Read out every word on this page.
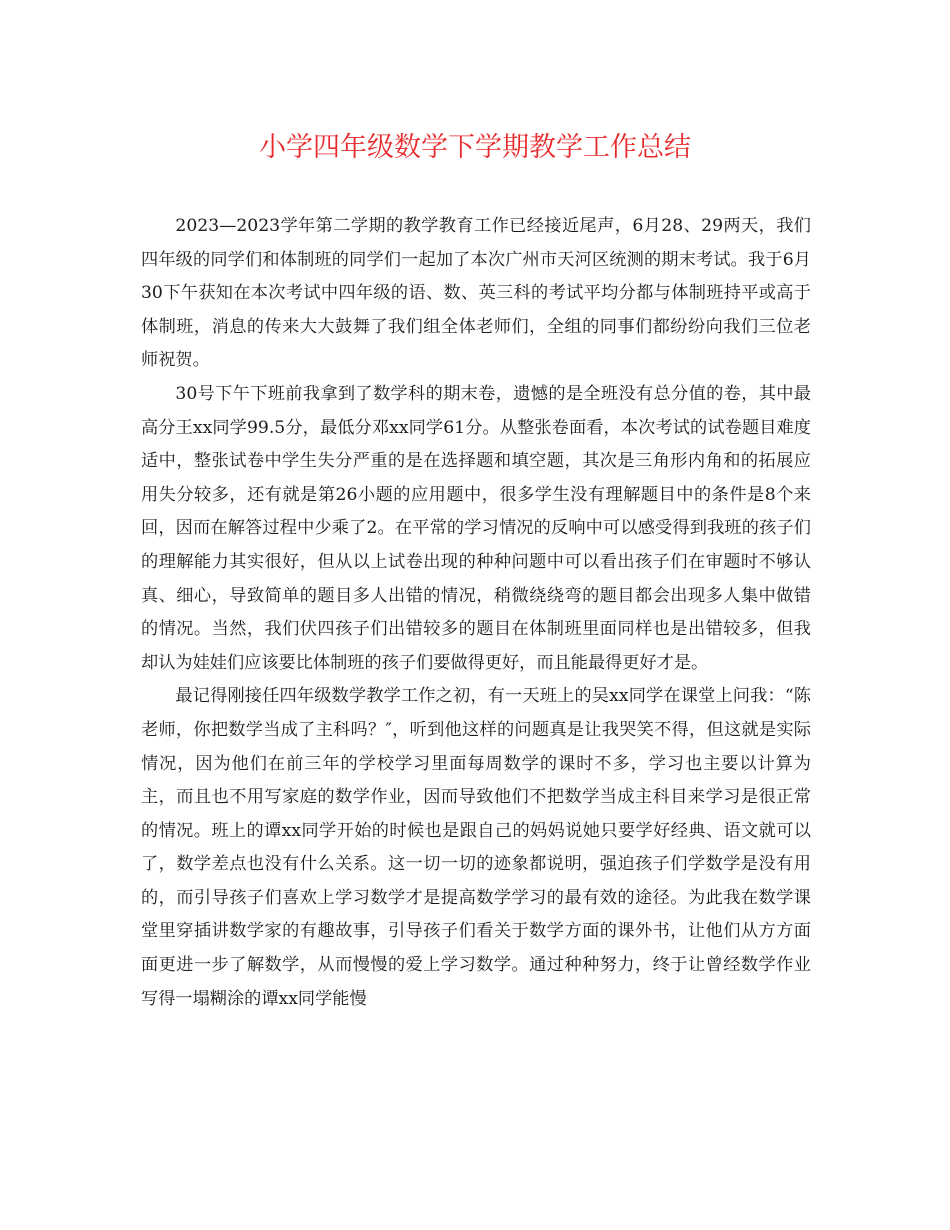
小学四年级数学下学期教学工作总结

2023—2023学年第二学期的教学教育工作已经接近尾声，6月28、29两天，我们四年级的同学们和体制班的同学们一起加了本次广州市天河区统测的期末考试。我于6月30下午获知在本次考试中四年级的语、数、英三科的考试平均分都与体制班持平或高于体制班，消息的传来大大鼓舞了我们组全体老师们，全组的同事们都纷纷向我们三位老师祝贺。

30号下午下班前我拿到了数学科的期末卷，遗憾的是全班没有总分值的卷，其中最高分王xx同学99.5分，最低分邓xx同学61分。从整张卷面看，本次考试的试卷题目难度适中，整张试卷中学生失分严重的是在选择题和填空题，其次是三角形内角和的拓展应用失分较多，还有就是第26小题的应用题中，很多学生没有理解题目中的条件是8个来回，因而在解答过程中少乘了2。在平常的学习情况的反响中可以感受得到我班的孩子们的理解能力其实很好，但从以上试卷出现的种种问题中可以看出孩子们在审题时不够认真、细心，导致简单的题目多人出错的情况，稍微绕绕弯的题目都会出现多人集中做错的情况。当然，我们伏四孩子们出错较多的题目在体制班里面同样也是出错较多，但我却认为娃娃们应该要比体制班的孩子们要做得更好，而且能最得更好才是。

最记得刚接任四年级数学教学工作之初，有一天班上的吴xx同学在课堂上问我：“陈老师，你把数学当成了主科吗？″，听到他这样的问题真是让我哭笑不得，但这就是实际情况，因为他们在前三年的学校学习里面每周数学的课时不多，学习也主要以计算为主，而且也不用写家庭的数学作业，因而导致他们不把数学当成主科目来学习是很正常的情况。班上的谭xx同学开始的时候也是跟自己的妈妈说她只要学好经典、语文就可以了，数学差点也没有什么关系。这一切一切的迹象都说明，强迫孩子们学数学是没有用的，而引导孩子们喜欢上学习数学才是提高数学学习的最有效的途径。为此我在数学课堂里穿插讲数学家的有趣故事，引导孩子们看关于数学方面的课外书，让他们从方方面面更进一步了解数学，从而慢慢的爱上学习数学。通过种种努力，终于让曾经数学作业写得一塌糊涂的谭xx同学能慢
